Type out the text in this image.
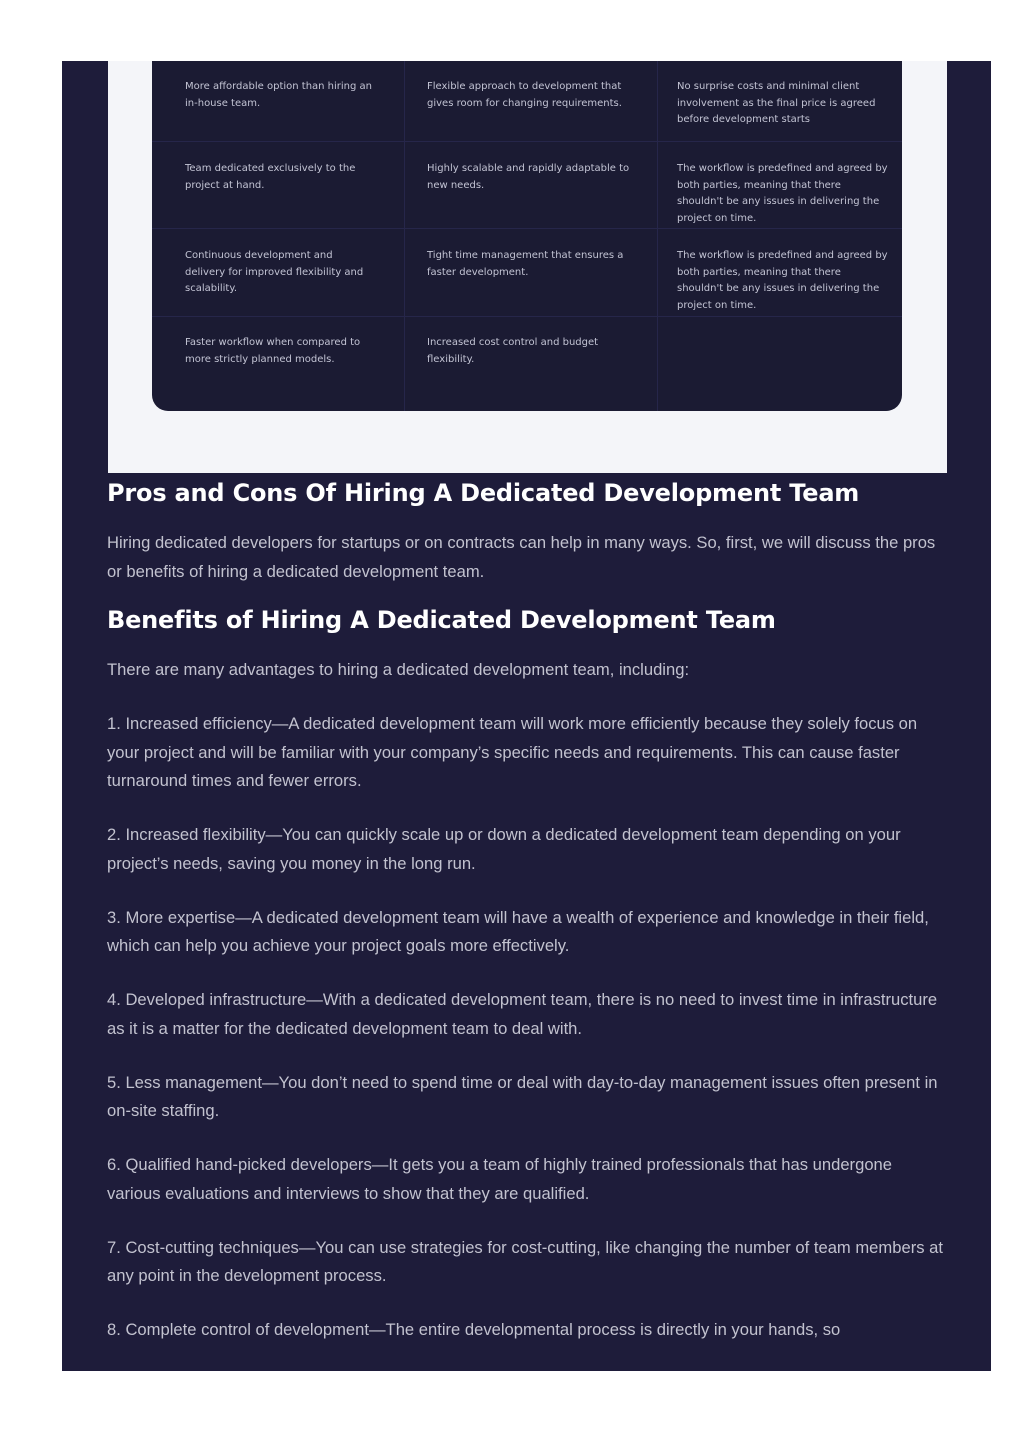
More affordable option than hiring an in-house team.
Flexible approach to development that gives room for changing requirements.
No surprise costs and minimal client involvement as the final price is agreed before development starts
Team dedicated exclusively to the project at hand.
Highly scalable and rapidly adaptable to new needs.
The workflow is predefined and agreed by both parties, meaning that there shouldn't be any issues in delivering the project on time.
Continuous development and delivery for improved flexibility and scalability.
Tight time management that ensures a faster development.
The workflow is predefined and agreed by both parties, meaning that there shouldn't be any issues in delivering the project on time.
Faster workflow when compared to more strictly planned models.
Increased cost control and budget flexibility.
Pros and Cons Of Hiring A Dedicated Development Team

Hiring dedicated developers for startups or on contracts can help in many ways. So, first, we will discuss the pros or benefits of hiring a dedicated development team.

Benefits of Hiring A Dedicated Development Team

There are many advantages to hiring a dedicated development team, including:

1. Increased efficiency—A dedicated development team will work more efficiently because they solely focus on your project and will be familiar with your company’s specific needs and requirements. This can cause faster turnaround times and fewer errors.

2. Increased flexibility—You can quickly scale up or down a dedicated development team depending on your project’s needs, saving you money in the long run.

3. More expertise—A dedicated development team will have a wealth of experience and knowledge in their field, which can help you achieve your project goals more effectively.

4. Developed infrastructure—With a dedicated development team, there is no need to invest time in infrastructure as it is a matter for the dedicated development team to deal with.

5. Less management—You don’t need to spend time or deal with day-to-day management issues often present in on-site staffing.

6. Qualified hand-picked developers—It gets you a team of highly trained professionals that has undergone various evaluations and interviews to show that they are qualified.

7. Cost-cutting techniques—You can use strategies for cost-cutting, like changing the number of team members at any point in the development process.

8. Complete control of development—The entire developmental process is directly in your hands, so
